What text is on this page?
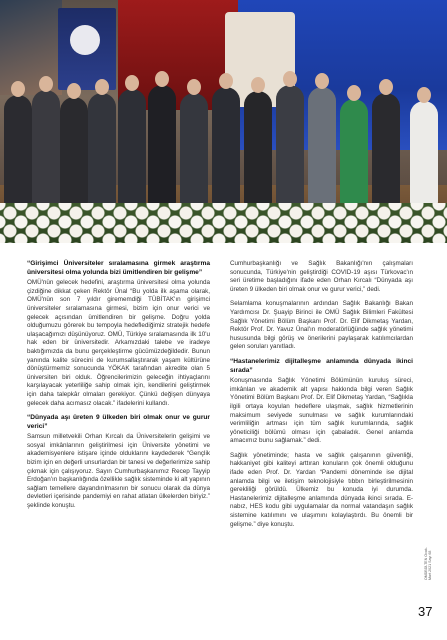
“Girişimci Üniversiteler sıralamasına girmek araştırma üniversitesi olma yolunda bizi ümitlendiren bir gelişme”

OMÜ'nün gelecek hedefini, araştırma üniversitesi olma yolunda çizdiğine dikkat çeken Rektör Ünal “Bu yolda ilk aşama olarak, OMÜ'nün son 7 yıldır girememdiği TÜBİTAK'ın girişimci üniversiteler sıralamasına girmesi, bizim için onur verici ve gelecek açısından ümitlendiren bir gelişme. Doğru yolda olduğumuzu görerek bu tempoyla hedeflediğimiz stratejik hedefe ulaşacağımızı düşünüyoruz. OMÜ, Türkiye sıralamasında ilk 10'u hak eden bir üniversitedir. Arkamızdaki talebe ve iradeye baktığımızda da bunu gerçekleştirme gücümüzdeğildedir. Bunun yanında kalite sürecini de kurumsallaştırarak yaşam kültürüne dönüştürmemiz sonucunda YÖKAK tarafından akredite olan 5 üniversiten biri olduk. Öğrencilerimizin geleceğin ihtiyaçlarını karşılayacak yeterliliğe sahip olmak için, kendilerini geliştirmek için daha talepkâr olmaları gerekiyor. Çünkü değişen dünyaya gelecek daha acımasız olacak.” ifadelerini kullandı.

“Dünyada aşı üreten 9 ülkeden biri olmak onur ve gurur verici”

Samsun milletvekili Orhan Kırcalı da Üniversitelerin gelişimi ve sosyal imkânlarının geliştirilmesi için Üniversite yönetimi ve akademisyenlere istişare içinde olduklarını kaydederek “Gençlik bizim için en değerli unsurlardan bir tanesi ve değerlerimize sahip çıkmak için çalışıyoruz. Sayın Cumhurbaşkanımız Recep Tayyip Erdoğan'ın başkanlığında özellikle sağlık sisteminde ki alt yapının sağlam temellere dayandırılmasının bir sonucu olarak da dünya devletleri içerisinde pandemiyi en rahat atlatan ülkelerden biriyiz.” şeklinde konuştu.

Cumhurbaşkanlığı ve Sağlık Bakanlığı'nın çalışmaları sonucunda, Türkiye'nin geliştirdiği COVID-19 aşısı Türkovac'ın seri üretime başladığını ifade eden Orhan Kırcalı “Dünyada aşı üreten 9 ülkeden biri olmak onur ve gurur verici,” dedi.

Selamlama konuşmalarının ardından Sağlık Bakanlığı Bakan Yardımcısı Dr. Şuayip Birinci ile OMÜ Sağlık Bilimleri Fakültesi Sağlık Yönetimi Bölüm Başkanı Prof. Dr. Elif Dikmetaş Yardan, Rektör Prof. Dr. Yavuz Ünal'ın moderatörlüğünde sağlık yönetimi hususunda bilgi görüş ve önerilerini paylaşarak katılımcılardan gelen soruları yanıtladı.

“Hastanelerimiz dijitalleşme anlamında dünyada ikinci sırada”

Konuşmasında Sağlık Yönetimi Bölümünün kuruluş süreci, imkânları ve akademik alt yapısı hakkında bilgi veren Sağlık Yönetimi Bölüm Başkanı Prof. Dr. Elif Dikmetaş Yardan, “Sağlıkla ilgili ortaya koyulan hedeflere ulaşmak, sağlık hizmetlerinin maksimum seviyede sunulması ve sağlık kurumlarındaki verimliliğin artması için tüm sağlık kurumlarında, sağlık yöneticiliği bölümü olması için çabaladık. Genel anlamda amacımız bunu sağlamak.” dedi.

Sağlık yönetiminde; hasta ve sağlık çalışanının güvenliği, hakkaniyet gibi kaliteyi arttıran konuların çok önemli olduğunu ifade eden Prof. Dr. Yardan “Pandemi döneminde ise dijital anlamda bilgi ve iletişim teknolojisiyle tıbbın birleştirilmesinin gerekliliği görüldü. Ülkemiz bu konuda iyi durumda. Hastanelerimiz dijitalleşme anlamında dünyada ikinci sırada. E-nabız, HES kodu gibi uygulamalar da normal vatandaşın sağlık sistemine katılımını ve ulaşımını kolaylaştırdı. Bu önemli bir gelişme.” diye konuştu.

OMÜBÜLTEN Ocak-Mart 2021 Sayı 68
37
